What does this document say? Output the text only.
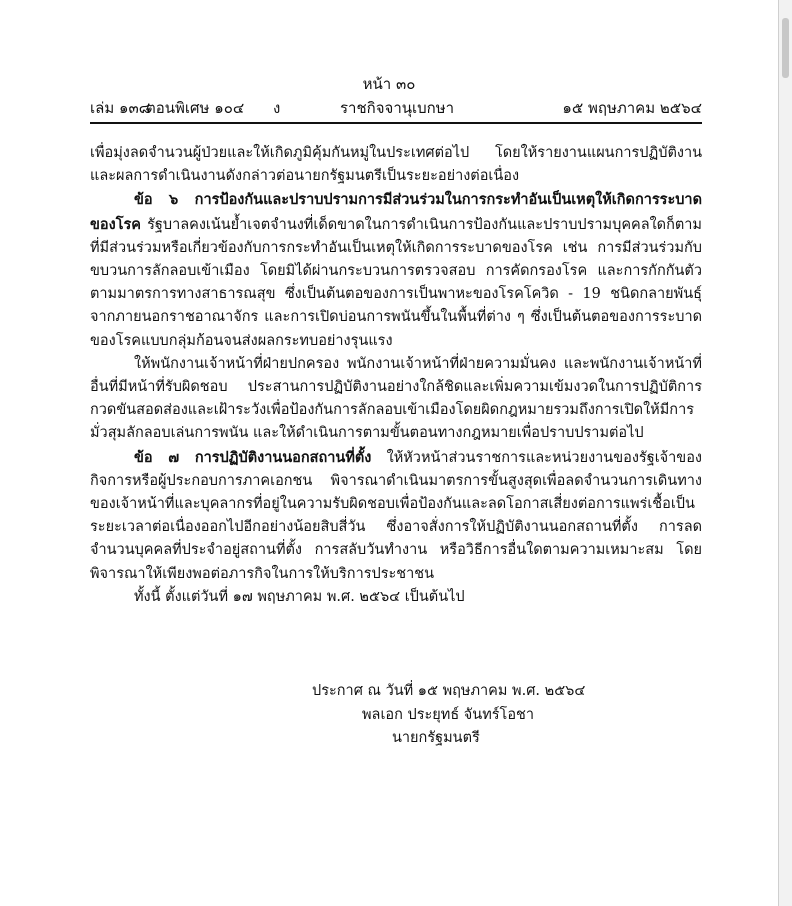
หน้า ๓๐
เล่ม ๑๓๘
ตอนพิเศษ ๑๐๔ ง	ราชกิจจานุเบกษา	๑๕ พฤษภาคม ๒๕๖๔

เพื่อมุ่งลดจำนวนผู้ป่วยและให้เกิดภูมิคุ้มกันหมู่ในประเทศต่อไป โดยให้รายงานแผนการปฏิบัติงานและผลการดำเนินงานดังกล่าวต่อนายกรัฐมนตรีเป็นระยะอย่างต่อเนื่อง

ข้อ ๖ การป้องกันและปราบปรามการมีส่วนร่วมในการกระทำอันเป็นเหตุให้เกิดการระบาดของโรค รัฐบาลคงเน้นย้ำเจตจำนงที่เด็ดขาดในการดำเนินการป้องกันและปราบปรามบุคคลใดก็ตามที่มีส่วนร่วมหรือเกี่ยวข้องกับการกระทำอันเป็นเหตุให้เกิดการระบาดของโรค เช่น การมีส่วนร่วมกับขบวนการลักลอบเข้าเมือง โดยมิได้ผ่านกระบวนการตรวจสอบ การคัดกรองโรค และการกักกันตัวตามมาตรการทางสาธารณสุข ซึ่งเป็นต้นตอของการเป็นพาหะของโรคโควิด - 19 ชนิดกลายพันธุ์จากภายนอกราชอาณาจักร และการเปิดบ่อนการพนันขึ้นในพื้นที่ต่าง ๆ ซึ่งเป็นต้นตอของการระบาดของโรคแบบกลุ่มก้อนจนส่งผลกระทบอย่างรุนแรง

ให้พนักงานเจ้าหน้าที่ฝ่ายปกครอง พนักงานเจ้าหน้าที่ฝ่ายความมั่นคง และพนักงานเจ้าหน้าที่อื่นที่มีหน้าที่รับผิดชอบ ประสานการปฏิบัติงานอย่างใกล้ชิดและเพิ่มความเข้มงวดในการปฏิบัติการกวดขันสอดส่องและเฝ้าระวังเพื่อป้องกันการลักลอบเข้าเมืองโดยผิดกฎหมายรวมถึงการเปิดให้มีการมั่วสุมลักลอบเล่นการพนัน และให้ดำเนินการตามขั้นตอนทางกฎหมายเพื่อปราบปรามต่อไป

ข้อ ๗ การปฏิบัติงานนอกสถานที่ตั้ง ให้หัวหน้าส่วนราชการและหน่วยงานของรัฐเจ้าของกิจการหรือผู้ประกอบการภาคเอกชน พิจารณาดำเนินมาตรการขั้นสูงสุดเพื่อลดจำนวนการเดินทางของเจ้าหน้าที่และบุคลากรที่อยู่ในความรับผิดชอบเพื่อป้องกันและลดโอกาสเสี่ยงต่อการแพร่เชื้อเป็นระยะเวลาต่อเนื่องออกไปอีกอย่างน้อยสิบสี่วัน ซึ่งอาจสั่งการให้ปฏิบัติงานนอกสถานที่ตั้ง การลดจำนวนบุคคลที่ประจำอยู่สถานที่ตั้ง การสลับวันทำงาน หรือวิธีการอื่นใดตามความเหมาะสม โดยพิจารณาให้เพียงพอต่อภารกิจในการให้บริการประชาชน

ทั้งนี้ ตั้งแต่วันที่ ๑๗ พฤษภาคม พ.ศ. ๒๕๖๔ เป็นต้นไป

ประกาศ ณ วันที่ ๑๕ พฤษภาคม พ.ศ. ๒๕๖๔
พลเอก ประยุทธ์ จันทร์โอชา
นายกรัฐมนตรี
